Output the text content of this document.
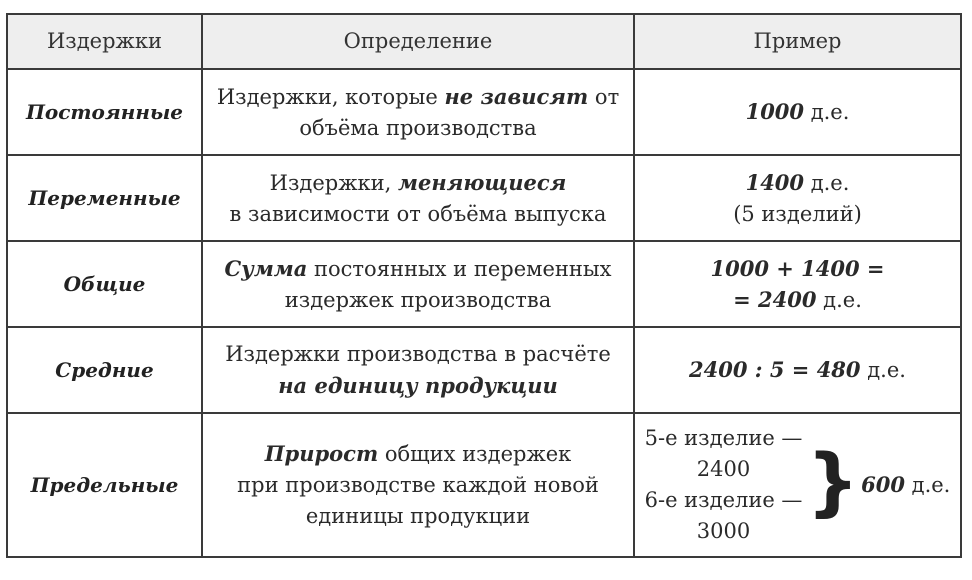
Издержки	Определение	Пример
Постоянные
Издержки, которые не зависят от
объёма производства
1000 д.е.
Переменные
Издержки, меняющиеся
в зависимости от объёма выпуска
1400 д.е.
(5 изделий)
Общие
Сумма постоянных и переменных
издержек производства
1000 + 1400 =
= 2400 д.е.
Средние
Издержки производства в расчёте
на единицу продукции
2400 : 5 = 480 д.е.
Предельные
Прирост общих издержек
при производстве каждой новой
единицы продукции
5-е изделие —
2400
6-е изделие —
3000
} 600 д.е.
